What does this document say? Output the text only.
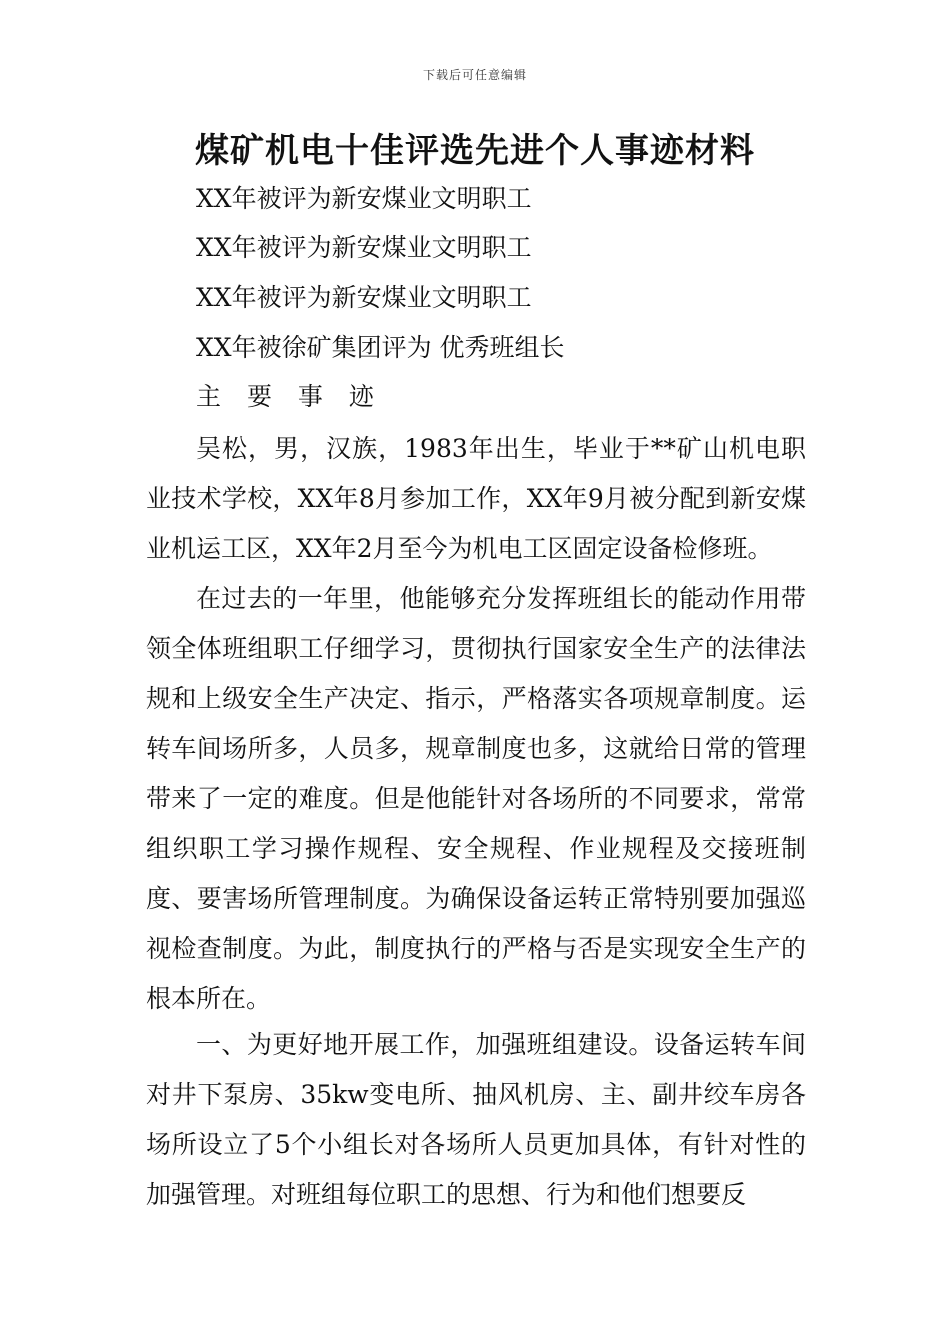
下载后可任意编辑
煤矿机电十佳评选先进个人事迹材料
XX年被评为新安煤业文明职工
XX年被评为新安煤业文明职工
XX年被评为新安煤业文明职工
XX年被徐矿集团评为 优秀班组长
主 要 事 迹

吴松，男，汉族，1983年出生，毕业于**矿山机电职业技术学校，XX年8月参加工作，XX年9月被分配到新安煤业机运工区，XX年2月至今为机电工区固定设备检修班。

在过去的一年里，他能够充分发挥班组长的能动作用带领全体班组职工仔细学习，贯彻执行国家安全生产的法律法规和上级安全生产决定、指示，严格落实各项规章制度。运转车间场所多，人员多，规章制度也多，这就给日常的管理带来了一定的难度。但是他能针对各场所的不同要求，常常组织职工学习操作规程、安全规程、作业规程及交接班制度、要害场所管理制度。为确保设备运转正常特别要加强巡视检查制度。为此，制度执行的严格与否是实现安全生产的根本所在。

一、为更好地开展工作，加强班组建设。设备运转车间对井下泵房、35kw变电所、抽风机房、主、副井绞车房各场所设立了5个小组长对各场所人员更加具体，有针对性的加强管理。对班组每位职工的思想、行为和他们想要反
